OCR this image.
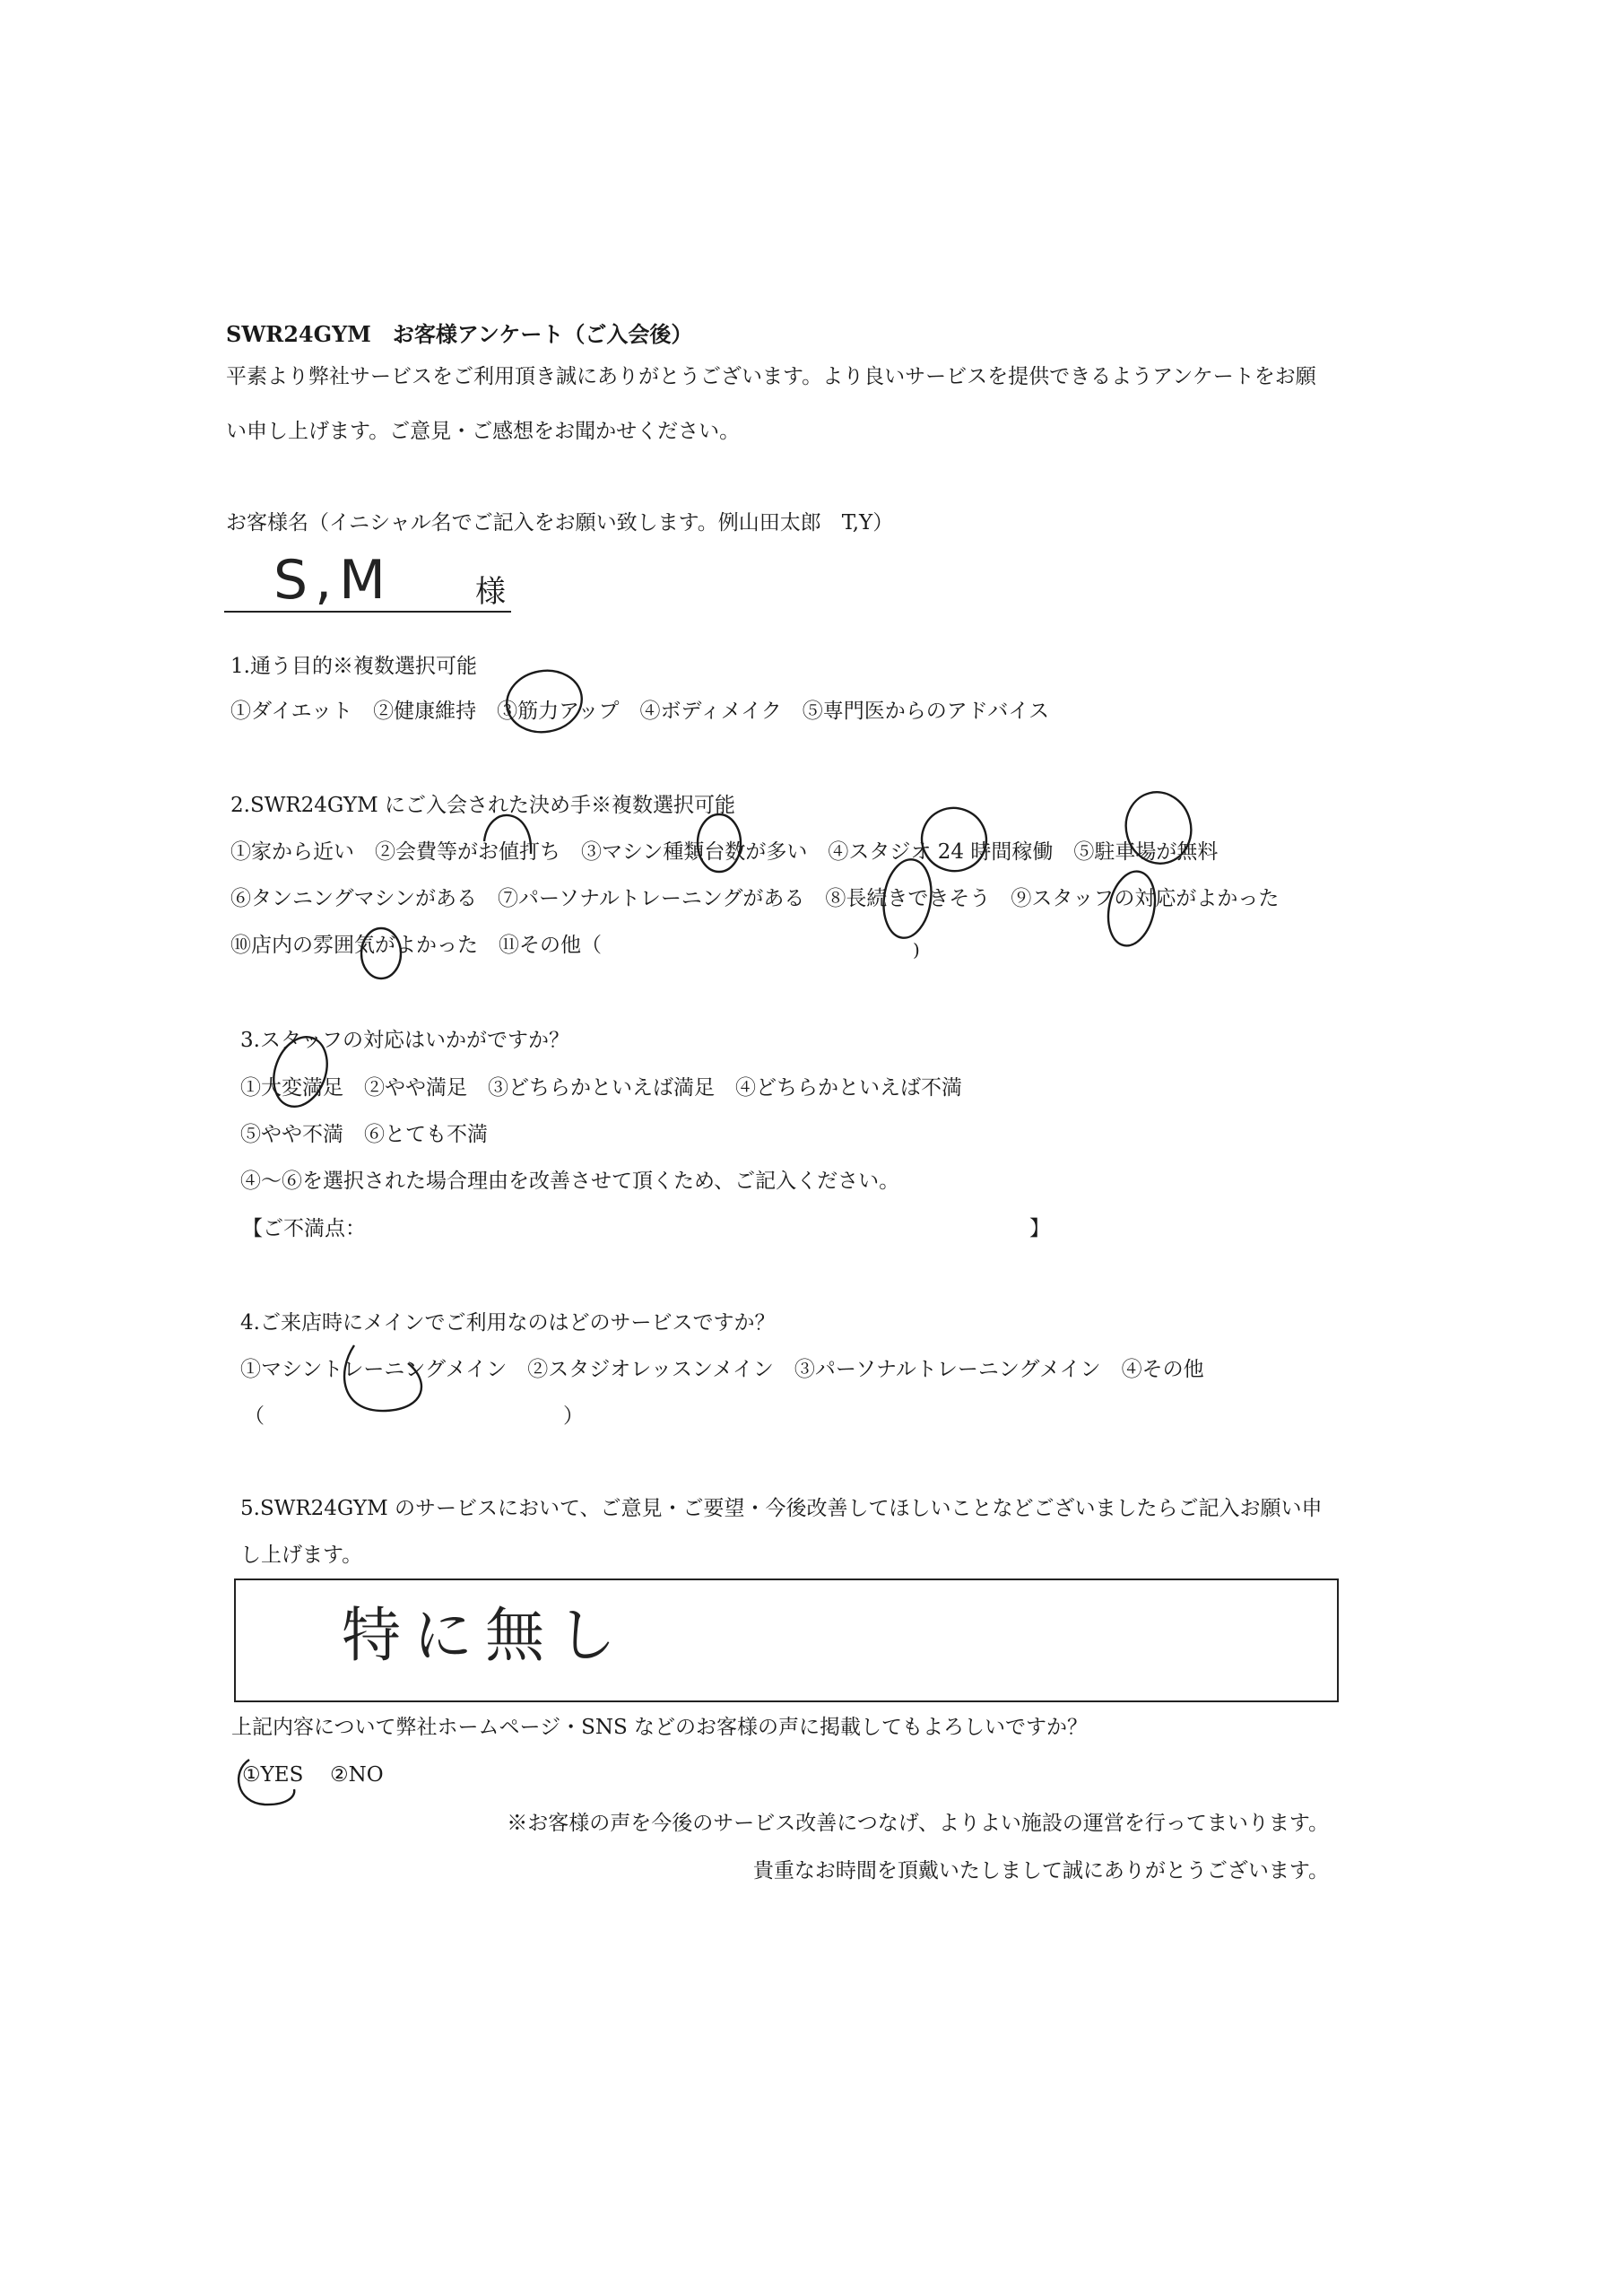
SWR24GYM　お客様アンケート（ご入会後）
平素より弊社サービスをご利用頂き誠にありがとうございます。より良いサービスを提供できるようアンケートをお願
い申し上げます。ご意見・ご感想をお聞かせください。
お客様名（イニシャル名でご記入をお願い致します。例山田太郎　T,Y）
S,M	様
1.通う目的※複数選択可能
①ダイエット　②健康維持　③筋力アップ　④ボディメイク　⑤専門医からのアドバイス
2.SWR24GYM にご入会された決め手※複数選択可能
①家から近い　②会費等がお値打ち　③マシン種類台数が多い　④スタジオ 24 時間稼働　⑤駐車場が無料
⑥タンニングマシンがある　⑦パーソナルトレーニングがある　⑧長続きできそう　⑨スタッフの対応がよかった
⑩店内の雰囲気がよかった　⑪その他（	)
3.スタッフの対応はいかがですか？
①大変満足　②やや満足　③どちらかといえば満足　④どちらかといえば不満
⑤やや不満　⑥とても不満
④～⑥を選択された場合理由を改善させて頂くため、ご記入ください。
【ご不満点：	】
4.ご来店時にメインでご利用なのはどのサービスですか？
①マシントレーニングメイン　②スタジオレッスンメイン　③パーソナルトレーニングメイン　④その他
（	）
5.SWR24GYM のサービスにおいて、ご意見・ご要望・今後改善してほしいことなどございましたらご記入お願い申
し上げます。
特に無し
上記内容について弊社ホームページ・SNS などのお客様の声に掲載してもよろしいですか？
①YES ②NO
※お客様の声を今後のサービス改善につなげ、よりよい施設の運営を行ってまいります。
貴重なお時間を頂戴いたしまして誠にありがとうございます。
